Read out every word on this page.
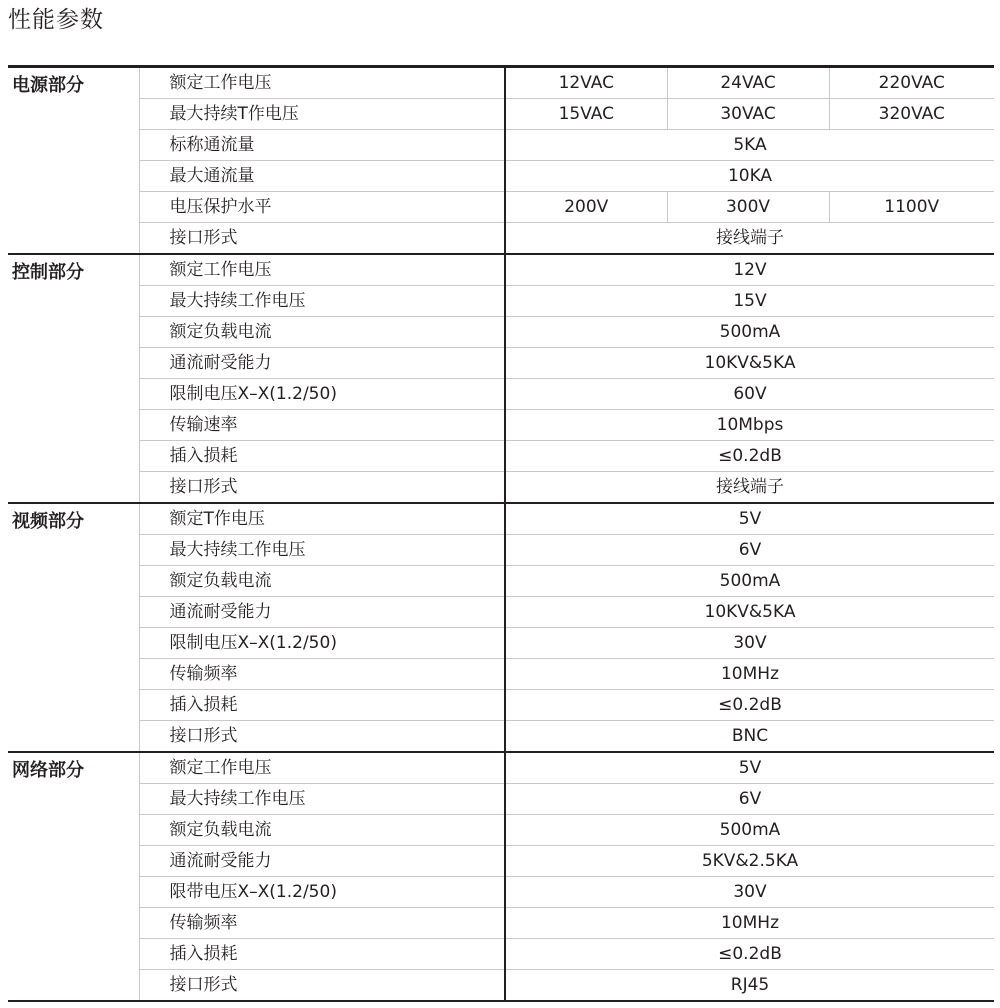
性能参数
电源部分	额定工作电压	12VAC	24VAC	220VAC
	最大持续T作电压	15VAC	30VAC	320VAC
	标称通流量	5KA		
	最大通流量	10KA		
	电压保护水平	200V	300V	1100V
	接口形式	接线端子		
控制部分	额定工作电压	12V		
	最大持续工作电压	15V		
	额定负载电流	500mA		
	通流耐受能力	10KV&5KA		
	限制电压X–X(1.2/50)	60V		
	传输速率	10Mbps		
	插入损耗	≤0.2dB		
	接口形式	接线端子		
视频部分	额定T作电压	5V		
	最大持续工作电压	6V		
	额定负载电流	500mA		
	通流耐受能力	10KV&5KA		
	限制电压X–X(1.2/50)	30V		
	传输频率	10MHz		
	插入损耗	≤0.2dB		
	接口形式	BNC		
网络部分	额定工作电压	5V		
	最大持续工作电压	6V		
	额定负载电流	500mA		
	通流耐受能力	5KV&2.5KA		
	限带电压X–X(1.2/50)	30V		
	传输频率	10MHz		
	插入损耗	≤0.2dB		
	接口形式	RJ45		
